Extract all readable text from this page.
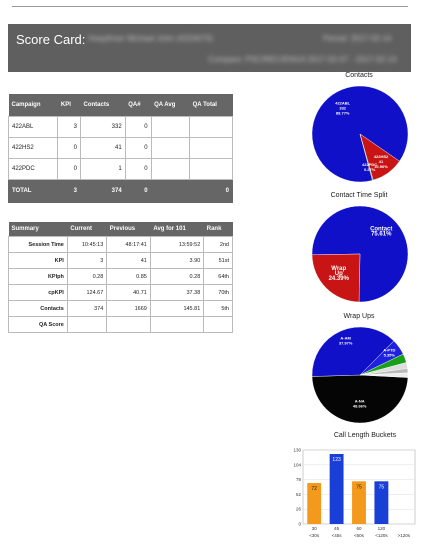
Score Card: Heaythner Michael John (4224070)	Period: 2017-02-14
Compare: PSC/REC/ENGA 2017-02-07 - 2017-02-14
Campaign	KPI	Contacts	QA#	QA Avg	QA Total
422ABL	3	332	0		
422HS2	0	41	0		
422PDC	0	1	0		
TOTAL	3	374	0		0
Summary	Current	Previous	Avg for 101	Rank
Session Time	10:45:13	48:17:41	13:59:52	2nd
KPI	3	41	3.90	51st
KPIph	0.28	0.85	0.28	64th
cpKPI	124.67	40.71	37.38	70th
Contacts	374	1669	145.81	5th
QA Score				
Contacts
422ABL 332 88.77%
422HS2 41 10.96%
422PDC 0.27%
Contact Time Split
Contact 75.61%
Wrap Up 24.39%
Wrap Ups
A-NA 48.66%
A-AM 37.97%
A-PTD 5.35%
Call Length Buckets
0
26
52
78
104
130
72
30
<30s
123
45
<45s
75
60
<60s
75
120
<120s >120s
